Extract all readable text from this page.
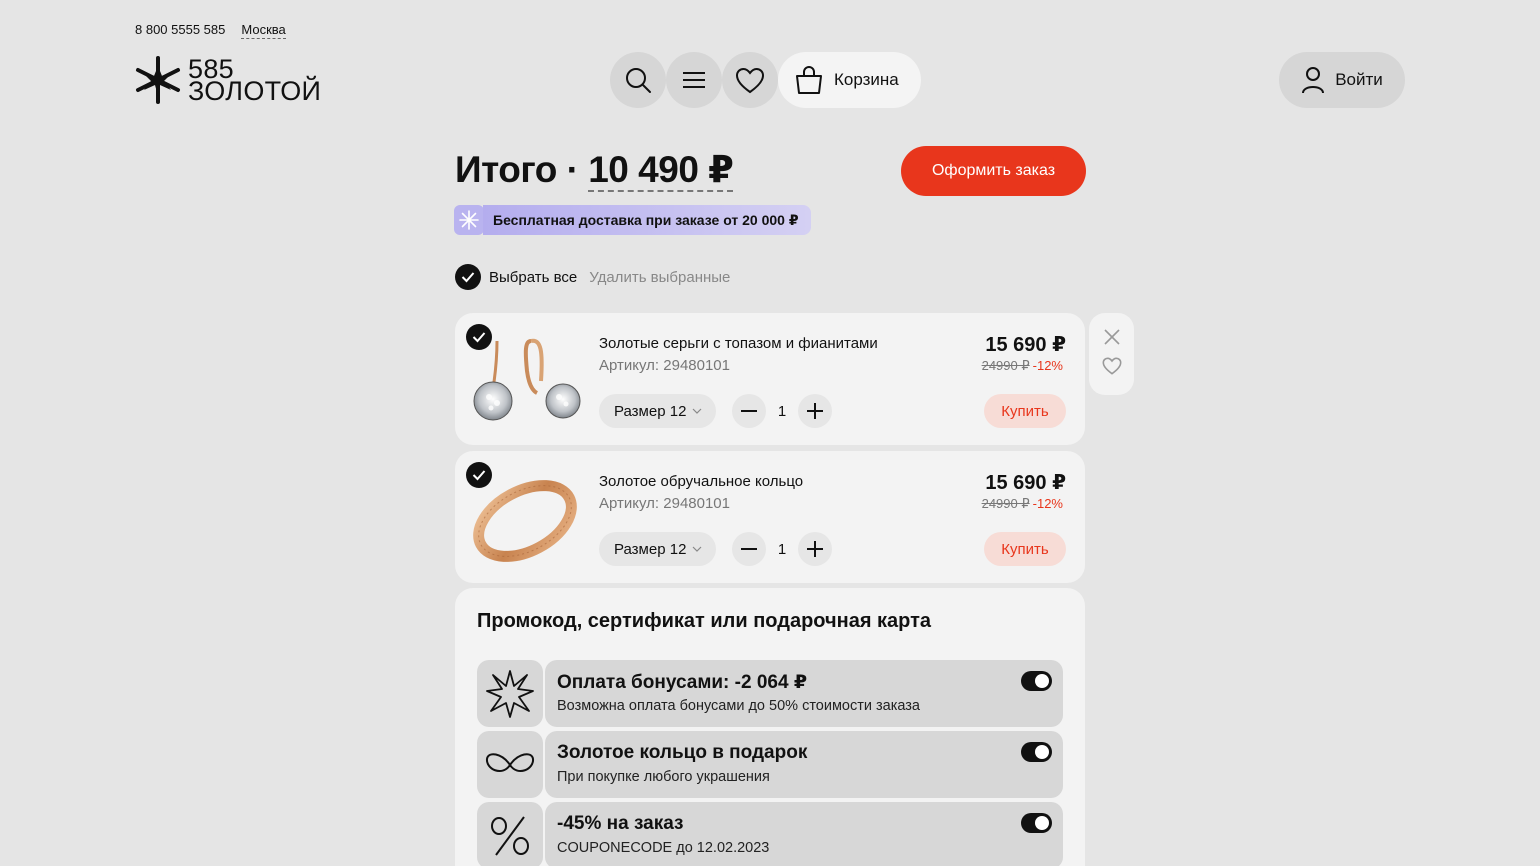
8 800 5555 585 Москва
585
ЗОЛОТОЙ	Корзина	Войти
Итого · 10 490 ₽	Оформить заказ
Бесплатная доставка при заказе от 20 000 ₽
Выбрать все Удалить выбранные
Золотые серьги с топазом и фианитами
Артикул: 29480101
15 690 ₽
24990 ₽ -12%
Размер 12	1	Купить
Золотое обручальное кольцо
Артикул: 29480101
15 690 ₽
24990 ₽ -12%
Размер 12	1	Купить
Промокод, сертификат или подарочная карта
Оплата бонусами: -2 064 ₽
Возможна оплата бонусами до 50% стоимости заказа
Золотое кольцо в подарок
При покупке любого украшения
-45% на заказ
COUPONECODE до 12.02.2023
